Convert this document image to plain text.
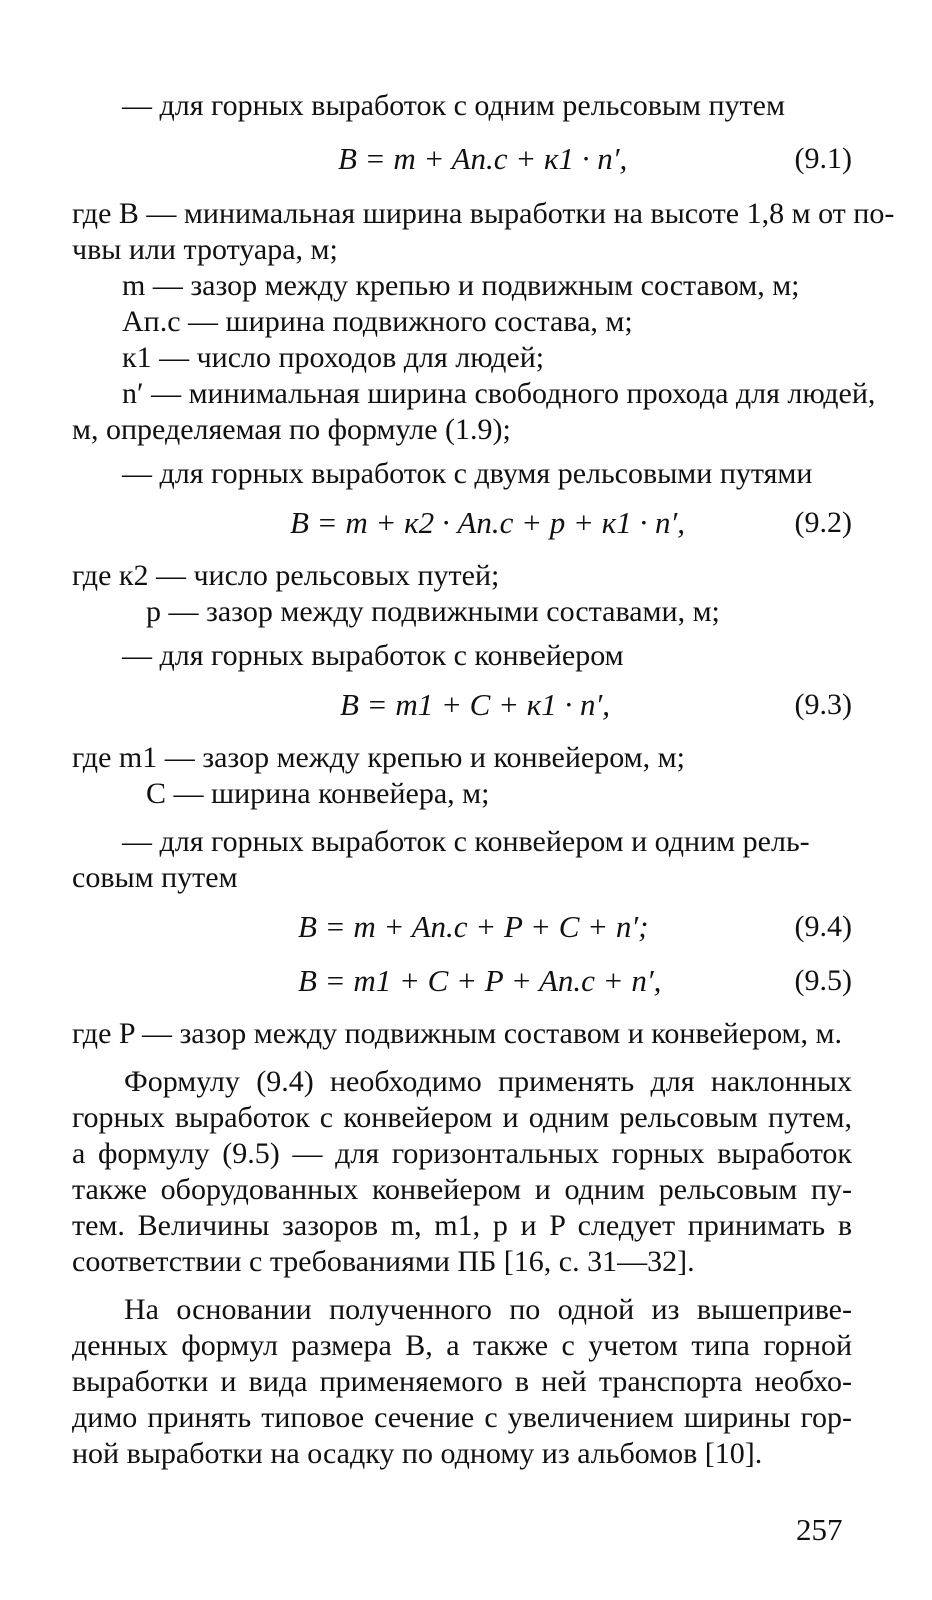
— для горных выработок с одним рельсовым путем
B = m + Aп.с + к1 · n′,	(9.1)
где B — минимальная ширина выработки на высоте 1,8 м от по-
чвы или тротуара, м;
m — зазор между крепью и подвижным составом, м;
Aп.с — ширина подвижного состава, м;
к1 — число проходов для людей;
n′ — минимальная ширина свободного прохода для людей,
м, определяемая по формуле (1.9);
— для горных выработок с двумя рельсовыми путями
B = m + к2 · Aп.с + p + к1 · n′,	(9.2)
где к2 — число рельсовых путей;
p — зазор между подвижными составами, м;
— для горных выработок с конвейером
B = m1 + C + к1 · n′,	(9.3)
где m1 — зазор между крепью и конвейером, м;
C — ширина конвейера, м;
— для горных выработок с конвейером и одним рель-
совым путем
B = m + Aп.с + P + C + n′;	(9.4)
B = m1 + C + P + Aп.с + n′,	(9.5)
где P — зазор между подвижным составом и конвейером, м.
Формулу (9.4) необходимо применять для наклонных
горных выработок с конвейером и одним рельсовым путем,
а формулу (9.5) — для горизонтальных горных выработок
также оборудованных конвейером и одним рельсовым пу-
тем. Величины зазоров m, m1, p и P следует принимать в
соответствии с требованиями ПБ [16, с. 31—32].
На основании полученного по одной из вышеприве-
денных формул размера B, а также с учетом типа горной
выработки и вида применяемого в ней транспорта необхо-
димо принять типовое сечение с увеличением ширины гор-
ной выработки на осадку по одному из альбомов [10].
257
